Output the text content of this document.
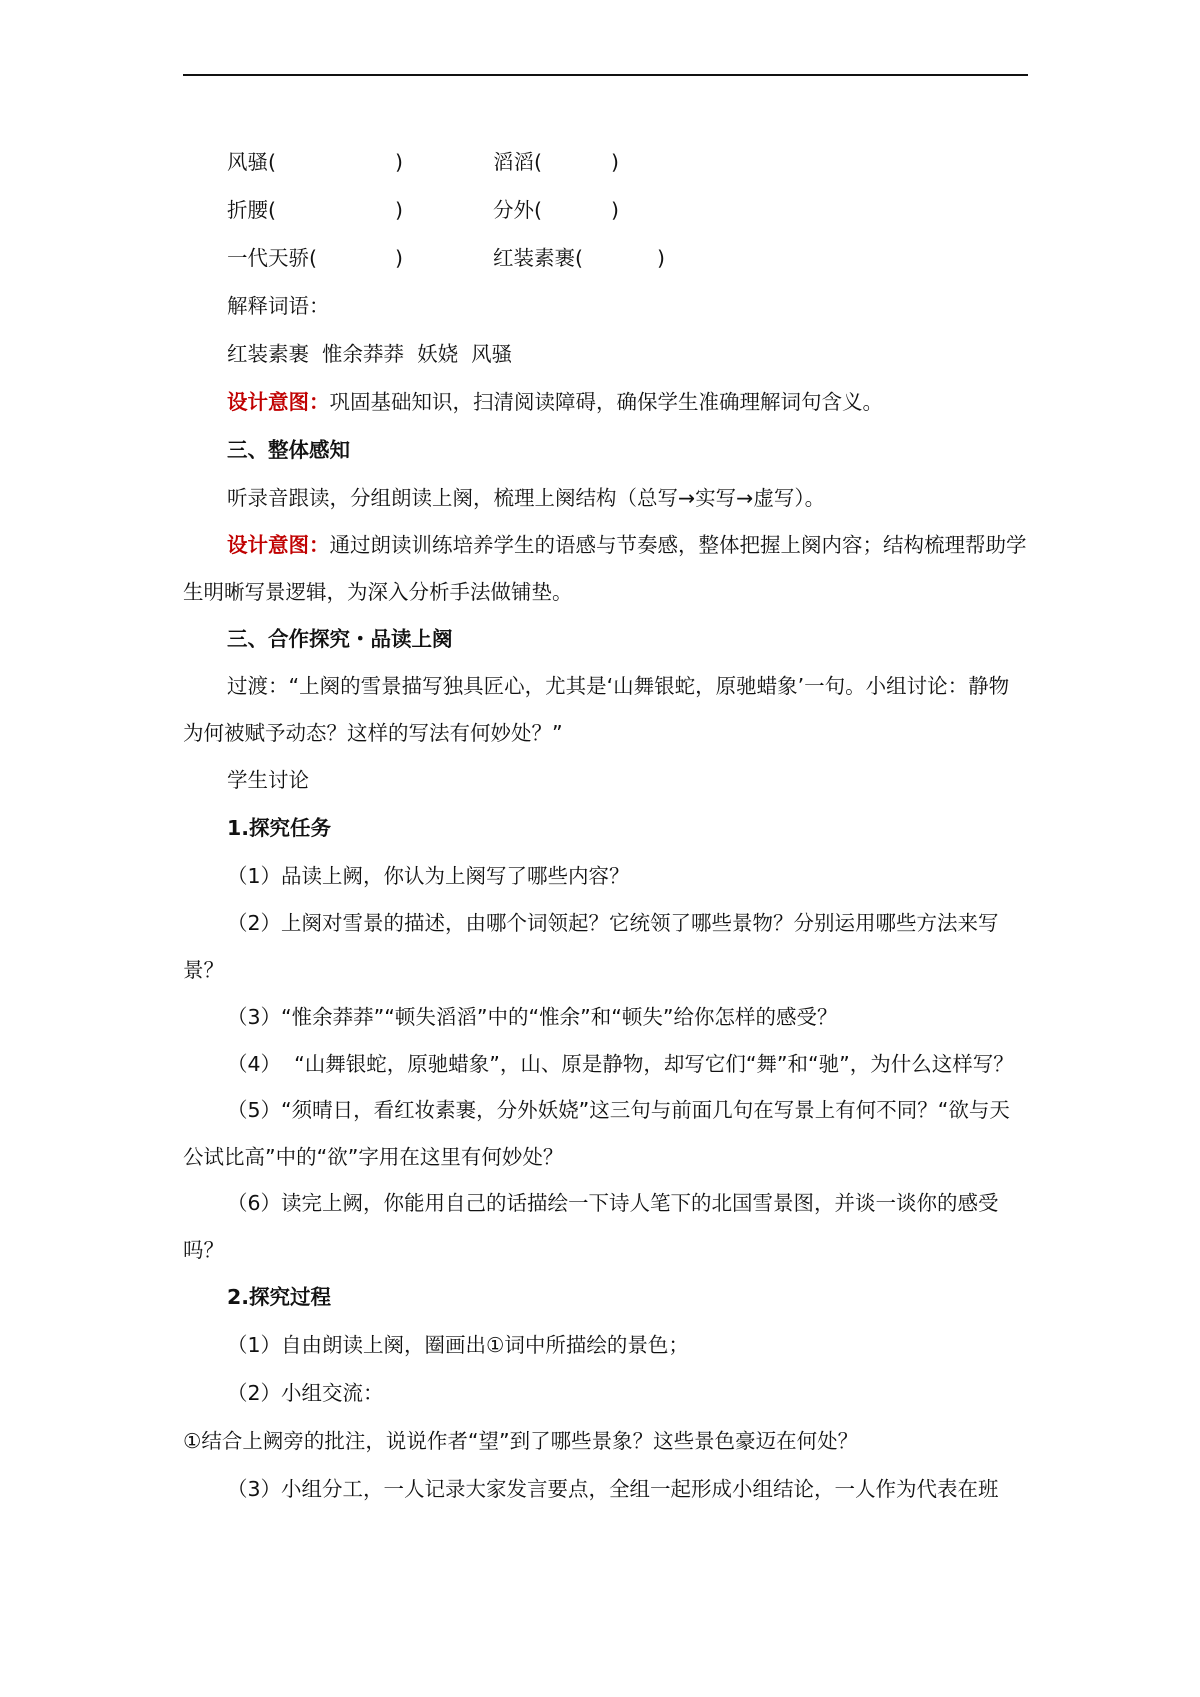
风骚(	)	滔滔(	)
折腰(	)	分外(	)
一代天骄(	)	红装素裹(	)
解释词语：
红装素裹  惟余莽莽  妖娆  风骚
设计意图：巩固基础知识，扫清阅读障碍，确保学生准确理解词句含义。
三、整体感知
听录音跟读，分组朗读上阕，梳理上阕结构（总写→实写→虚写）。
设计意图：通过朗读训练培养学生的语感与节奏感，整体把握上阕内容；结构梳理帮助学生明晰写景逻辑，为深入分析手法做铺垫。
三、合作探究・品读上阕
过渡：“上阕的雪景描写独具匠心，尤其是‘山舞银蛇，原驰蜡象’一句。小组讨论：静物为何被赋予动态？这样的写法有何妙处？”
学生讨论
1.探究任务
（1）品读上阙，你认为上阕写了哪些内容？
（2）上阕对雪景的描述，由哪个词领起？它统领了哪些景物？分别运用哪些方法来写景？
（3）“惟余莽莽”“顿失滔滔”中的“惟余”和“顿失”给你怎样的感受？
（4）  “山舞银蛇，原驰蜡象”，山、原是静物，却写它们“舞”和“驰”，为什么这样写？
（5）“须晴日，看红妆素裹，分外妖娆”这三句与前面几句在写景上有何不同？“欲与天公试比高”中的“欲”字用在这里有何妙处？
（6）读完上阙，你能用自己的话描绘一下诗人笔下的北国雪景图，并谈一谈你的感受吗？
2.探究过程
（1）自由朗读上阕，圈画出①词中所描绘的景色；
（2）小组交流：
①结合上阙旁的批注，说说作者“望”到了哪些景象？这些景色豪迈在何处？
（3）小组分工，一人记录大家发言要点，全组一起形成小组结论，一人作为代表在班
